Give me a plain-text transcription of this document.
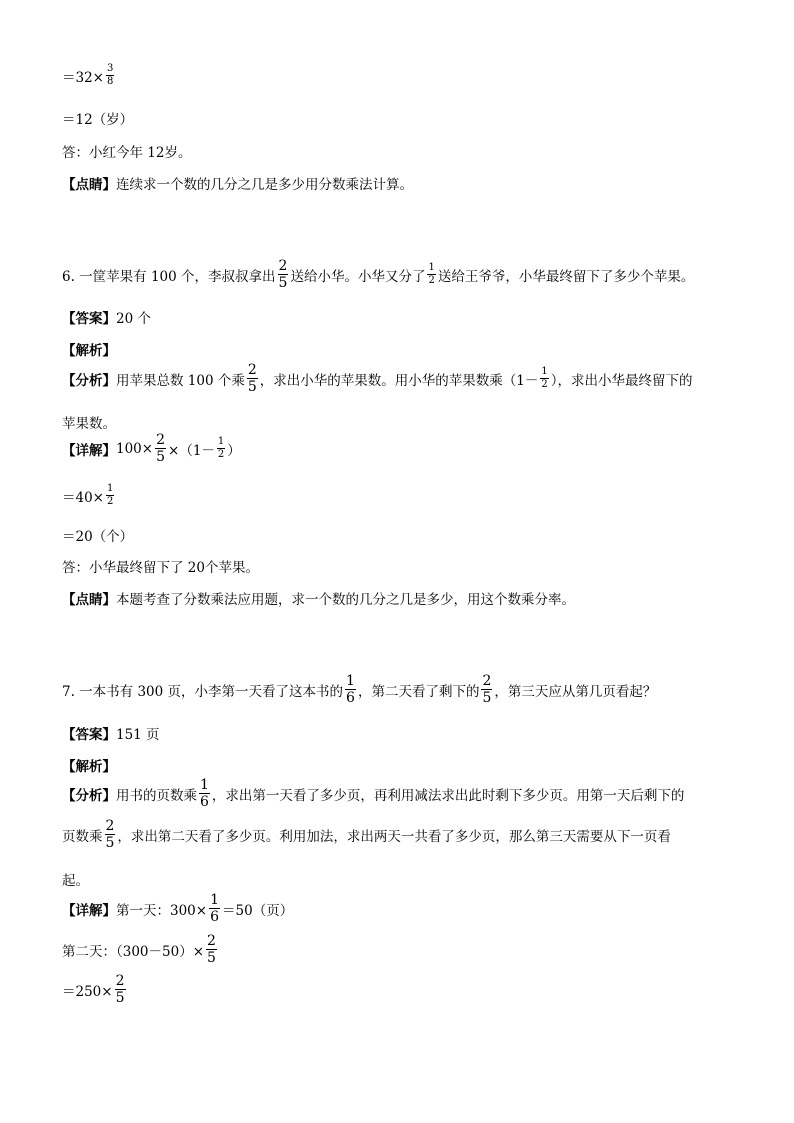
$=32\times \frac{3}{8}$
＝12（岁）
答：小红今年 12岁。
【点睛】 连续求一个数的几分之几是多少用分数乘法计算。
6. 一筐苹果有 100 个，李叔叔拿出 $\frac{2}{5}$ 送给小华。小华又分了 $\frac{1}{2}$ 送给王爷爷，小华最终留下了多少个苹果。
【答案】 20 个
【解析】
【分析】 用苹果总数 100 个乘 $\frac{2}{5}$ ，求出小华的苹果数。用小华的苹果数乘（$1- \frac{1}{2}$ ），求出小华最终留下的
苹果数。
【详解】 $100\times \frac{2}{5} \times(1- \frac{1}{2}$ ）
$=40\times \frac{1}{2}$
＝20（个）
答：小华最终留下了 20个苹果。
【点睛】 本题考查了分数乘法应用题，求一个数的几分之几是多少，用这个数乘分率。
7. 一本书有 300 页，小李第一天看了这本书的 $\frac{1}{6}$ ，第二天看了剩下的 $\frac{2}{5}$ ，第三天应从第几页看起？
【答案】 151 页
【解析】
【分析】 用书的页数乘 $\frac{1}{6}$ ，求出第一天看了多少页，再利用减法求出此时剩下多少页。用第一天后剩下的
页数乘 $\frac{2}{5}$ ，求出第二天看了多少页。利用加法，求出两天一共看了多少页，那么第三天需要从下一页看
起。
【详解】 第一天：$300\times \frac{1}{6} =50$（页）
第二天：$(300-50)\times \frac{2}{5}$
$=250\times \frac{2}{5}$
